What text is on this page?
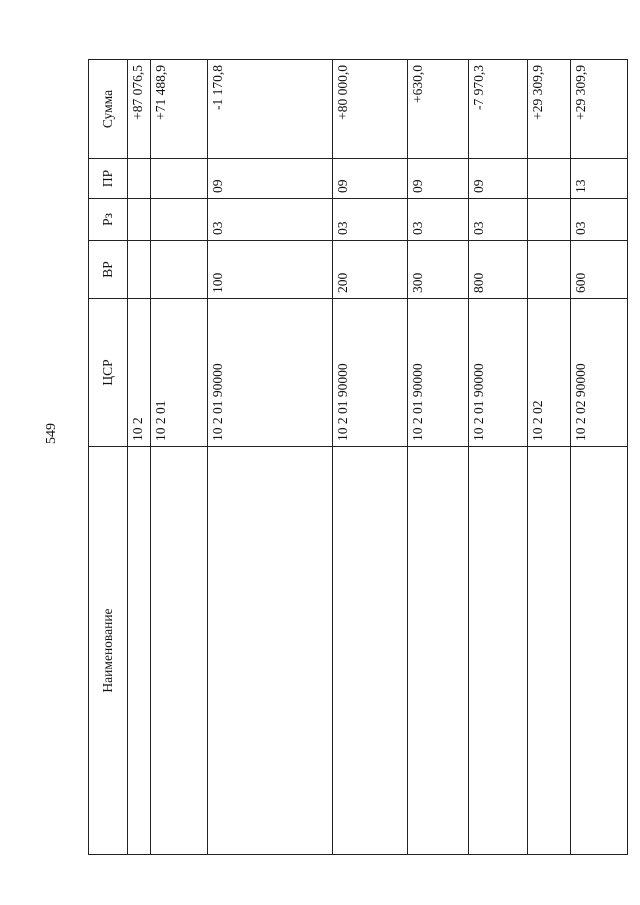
549
Наименование	ЦСР	ВР	Рз	ПР	Сумма
	10 2				+87 076,5
	10 2 01				+71 488,9
	10 2 01 90000	100	03	09	-1 170,8
	10 2 01 90000	200	03	09	+80 000,0
	10 2 01 90000	300	03	09	+630,0
	10 2 01 90000	800	03	09	-7 970,3
	10 2 02				+29 309,9
	10 2 02 90000	600	03	13	+29 309,9
